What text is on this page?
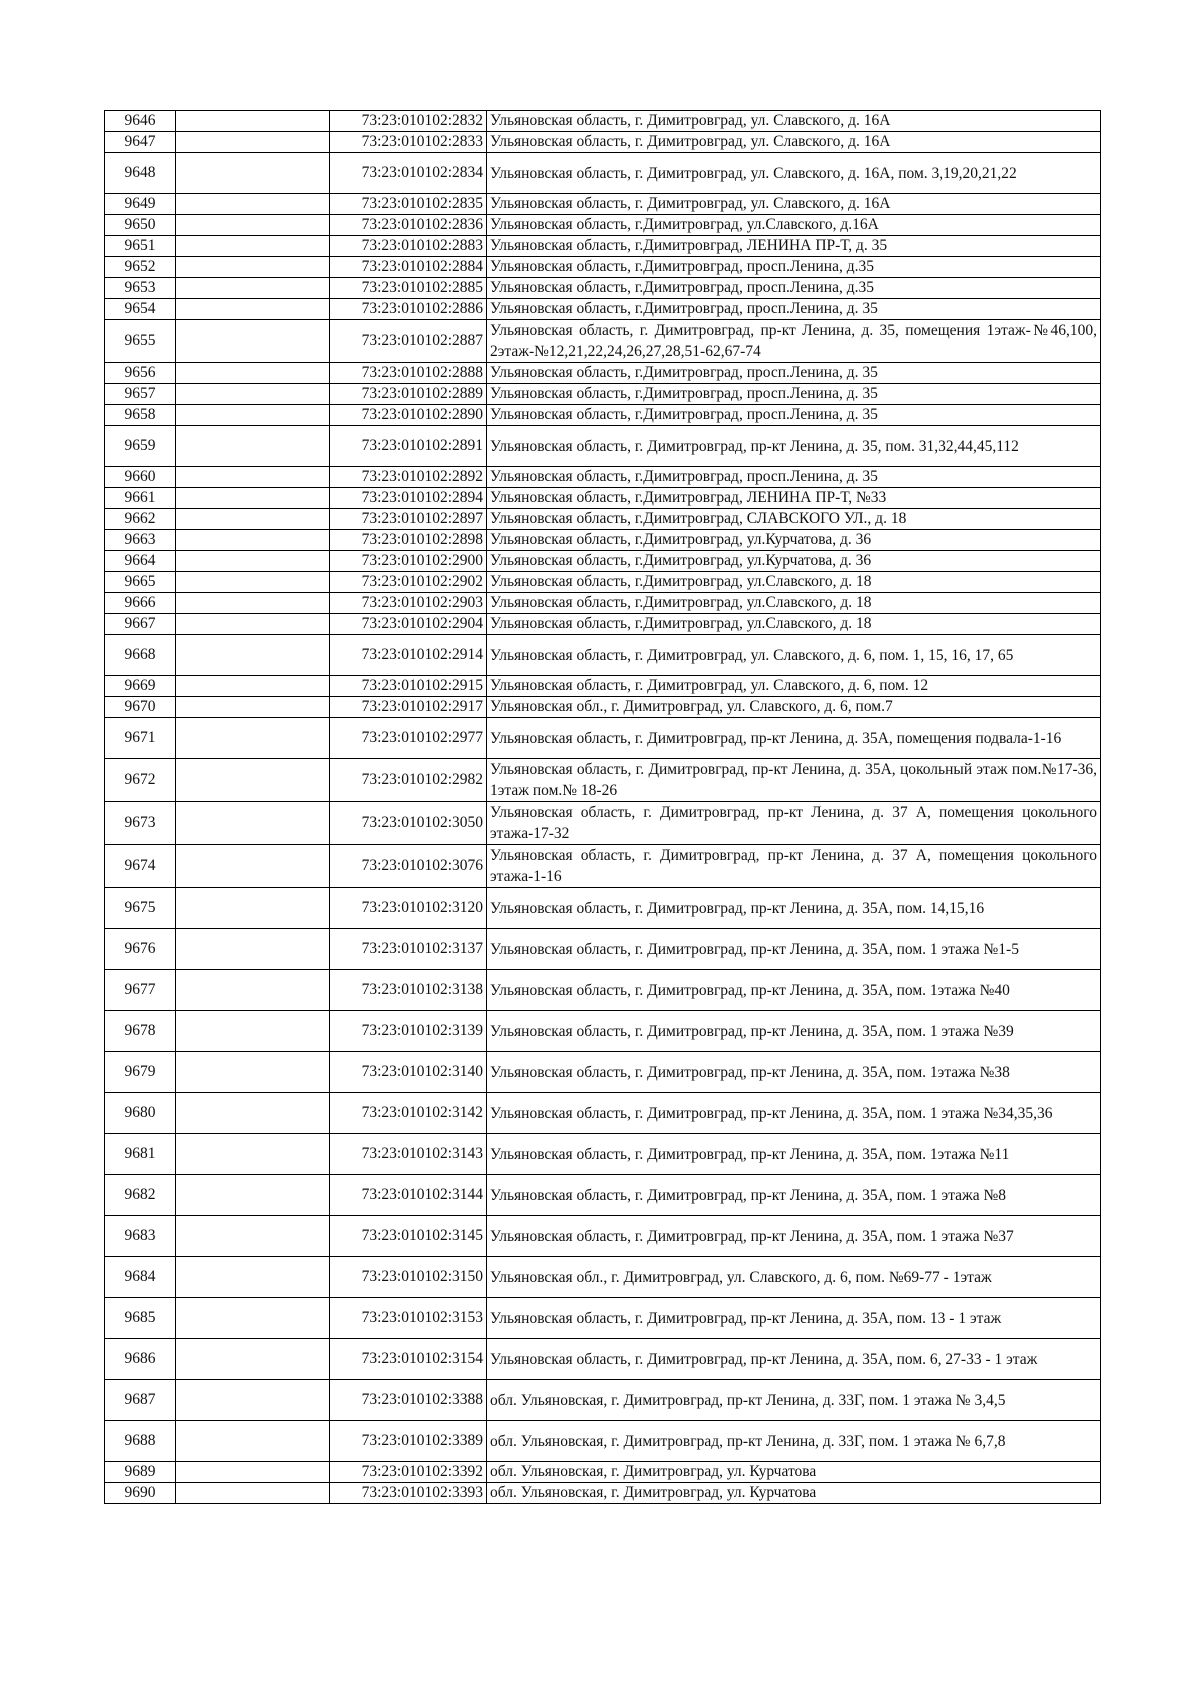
9646		73:23:010102:2832	Ульяновская область, г. Димитровград, ул. Славского, д. 16А
9647		73:23:010102:2833	Ульяновская область, г. Димитровград, ул. Славского, д. 16А
9648		73:23:010102:2834	Ульяновская область, г. Димитровград, ул. Славского, д. 16А, пом. 3,19,20,21,22
9649		73:23:010102:2835	Ульяновская область, г. Димитровград, ул. Славского, д. 16А
9650		73:23:010102:2836	Ульяновская область, г.Димитровград, ул.Славского, д.16А
9651		73:23:010102:2883	Ульяновская область, г.Димитровград, ЛЕНИНА ПР-Т, д. 35
9652		73:23:010102:2884	Ульяновская область, г.Димитровград, просп.Ленина, д.35
9653		73:23:010102:2885	Ульяновская область, г.Димитровград, просп.Ленина, д.35
9654		73:23:010102:2886	Ульяновская область, г.Димитровград, просп.Ленина, д. 35
9655		73:23:010102:2887	Ульяновская область, г. Димитровград, пр-кт Ленина, д. 35, помещения 1этаж-№46,100, 2этаж-№12,21,22,24,26,27,28,51-62,67-74
9656		73:23:010102:2888	Ульяновская область, г.Димитровград, просп.Ленина, д. 35
9657		73:23:010102:2889	Ульяновская область, г.Димитровград, просп.Ленина, д. 35
9658		73:23:010102:2890	Ульяновская область, г.Димитровград, просп.Ленина, д. 35
9659		73:23:010102:2891	Ульяновская область, г. Димитровград, пр-кт Ленина, д. 35, пом. 31,32,44,45,112
9660		73:23:010102:2892	Ульяновская область, г.Димитровград, просп.Ленина, д. 35
9661		73:23:010102:2894	Ульяновская область, г.Димитровград, ЛЕНИНА ПР-Т, №33
9662		73:23:010102:2897	Ульяновская область, г.Димитровград, СЛАВСКОГО УЛ., д. 18
9663		73:23:010102:2898	Ульяновская область, г.Димитровград, ул.Курчатова, д. 36
9664		73:23:010102:2900	Ульяновская область, г.Димитровград, ул.Курчатова, д. 36
9665		73:23:010102:2902	Ульяновская область, г.Димитровград, ул.Славского, д. 18
9666		73:23:010102:2903	Ульяновская область, г.Димитровград, ул.Славского, д. 18
9667		73:23:010102:2904	Ульяновская область, г.Димитровград, ул.Славского, д. 18
9668		73:23:010102:2914	Ульяновская область, г. Димитровград, ул. Славского, д. 6, пом. 1, 15, 16, 17, 65
9669		73:23:010102:2915	Ульяновская область, г. Димитровград, ул. Славского, д. 6, пом. 12
9670		73:23:010102:2917	Ульяновская обл., г. Димитровград, ул. Славского, д. 6, пом.7
9671		73:23:010102:2977	Ульяновская область, г. Димитровград, пр-кт Ленина, д. 35А, помещения подвала-1-16
9672		73:23:010102:2982	Ульяновская область, г. Димитровград, пр-кт Ленина, д. 35А, цокольный этаж пом.№17-36, 1этаж пом.№ 18-26
9673		73:23:010102:3050	Ульяновская область, г. Димитровград, пр-кт Ленина, д. 37 А, помещения цокольного этажа-17-32
9674		73:23:010102:3076	Ульяновская область, г. Димитровград, пр-кт Ленина, д. 37 А, помещения цокольного этажа-1-16
9675		73:23:010102:3120	Ульяновская область, г. Димитровград, пр-кт Ленина, д. 35А, пом. 14,15,16
9676		73:23:010102:3137	Ульяновская область, г. Димитровград, пр-кт Ленина, д. 35А, пом. 1 этажа №1-5
9677		73:23:010102:3138	Ульяновская область, г. Димитровград, пр-кт Ленина, д. 35А, пом. 1этажа №40
9678		73:23:010102:3139	Ульяновская область, г. Димитровград, пр-кт Ленина, д. 35А, пом. 1 этажа №39
9679		73:23:010102:3140	Ульяновская область, г. Димитровград, пр-кт Ленина, д. 35А, пом. 1этажа №38
9680		73:23:010102:3142	Ульяновская область, г. Димитровград, пр-кт Ленина, д. 35А, пом. 1 этажа №34,35,36
9681		73:23:010102:3143	Ульяновская область, г. Димитровград, пр-кт Ленина, д. 35А, пом. 1этажа №11
9682		73:23:010102:3144	Ульяновская область, г. Димитровград, пр-кт Ленина, д. 35А, пом. 1 этажа №8
9683		73:23:010102:3145	Ульяновская область, г. Димитровград, пр-кт Ленина, д. 35А, пом. 1 этажа №37
9684		73:23:010102:3150	Ульяновская обл., г. Димитровград, ул. Славского, д. 6, пом. №69-77 - 1этаж
9685		73:23:010102:3153	Ульяновская область, г. Димитровград, пр-кт Ленина, д. 35А, пом. 13 - 1 этаж
9686		73:23:010102:3154	Ульяновская область, г. Димитровград, пр-кт Ленина, д. 35А, пом. 6, 27-33 - 1 этаж
9687		73:23:010102:3388	обл. Ульяновская, г. Димитровград, пр-кт Ленина, д. 33Г, пом. 1 этажа № 3,4,5
9688		73:23:010102:3389	обл. Ульяновская, г. Димитровград, пр-кт Ленина, д. 33Г, пом. 1 этажа № 6,7,8
9689		73:23:010102:3392	обл. Ульяновская, г. Димитровград, ул. Курчатова
9690		73:23:010102:3393	обл. Ульяновская, г. Димитровград, ул. Курчатова
